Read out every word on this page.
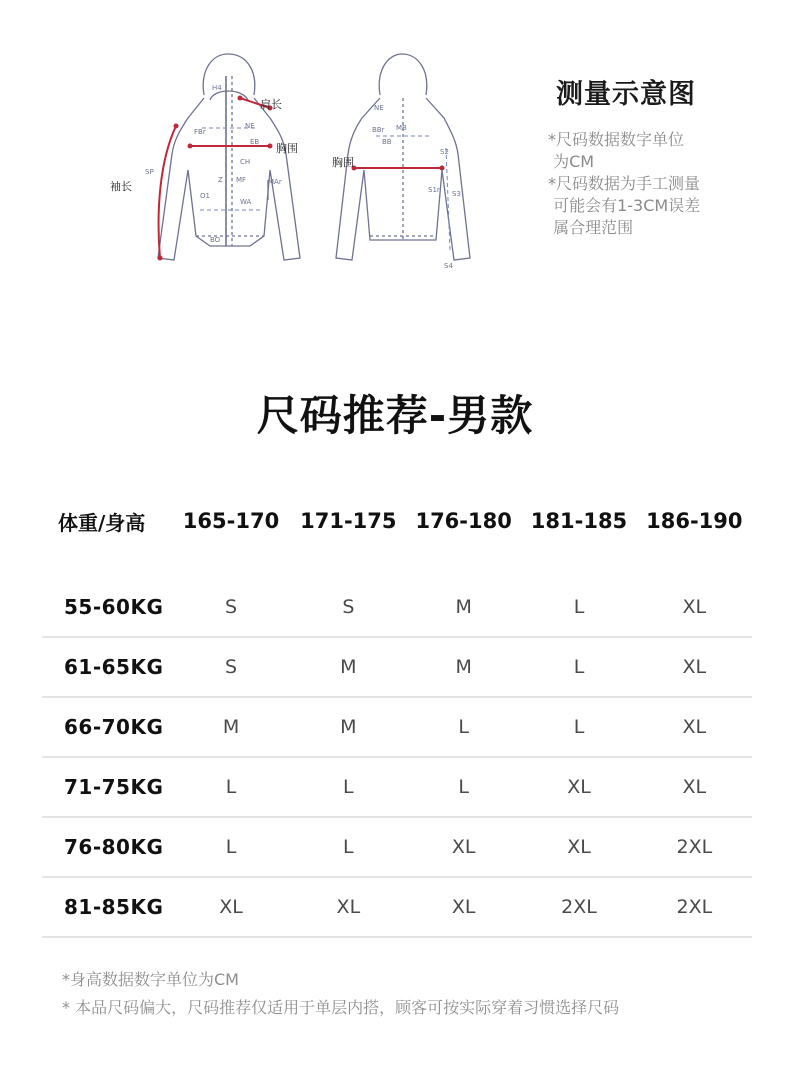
H4
FBr
NE
EB
CH
Z MF
SP
O1
MAr
WA
BO
NE
BBr MB
BB
S2
S1r S3
S4
肩长
胸围
袖长
胸围
测量示意图
*尺码数据数字单位
为CM
*尺码数据为手工测量
可能会有1-3CM误差
属合理范围
尺码推荐-男款
体重/身高	165-170 171-175 176-180 181-185 186-190
55-60KG	S	S	M	L	XL
61-65KG	S	M	M	L	XL
66-70KG	M	M	L	L	XL
71-75KG	L	L	L	XL	XL
76-80KG	L	L	XL	XL	2XL
81-85KG	XL	XL	XL	2XL	2XL
*身高数据数字单位为CM
* 本品尺码偏大，尺码推荐仅适用于单层内搭，顾客可按实际穿着习惯选择尺码
